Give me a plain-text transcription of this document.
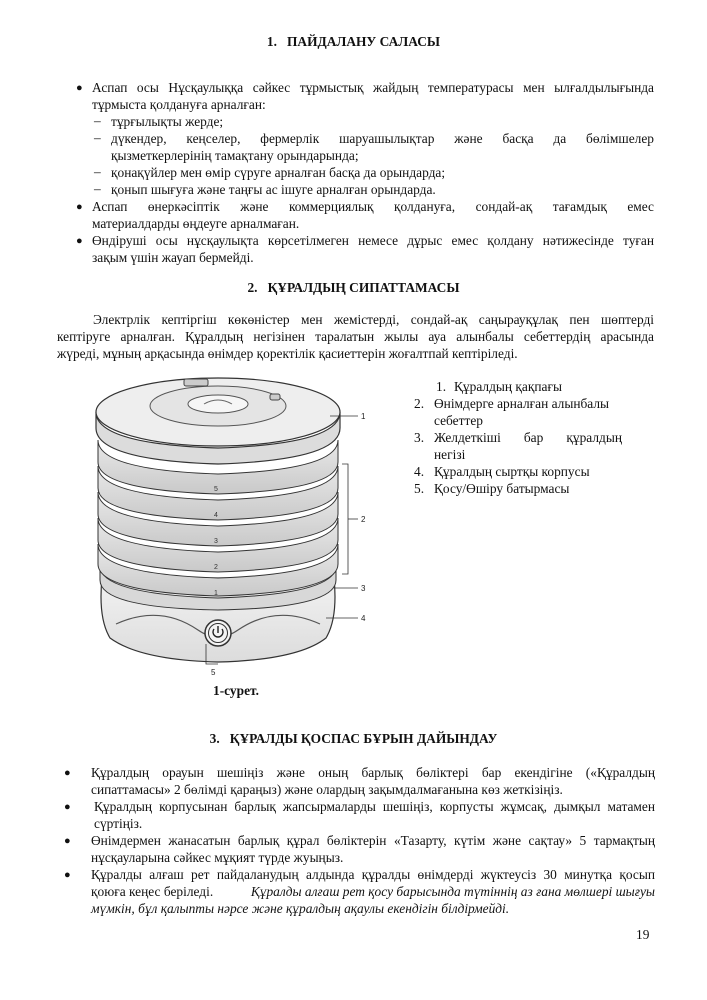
1. ПАЙДАЛАНУ САЛАСЫ
● Аспап осы Нұсқаулыққа сәйкес тұрмыстық жайдың температурасы мен ылғалдылығында
тұрмыста қолдануға арналған:
– тұрғылықты жерде;
– дүкендер, кеңселер, фермерлік шаруашылықтар және басқа да бөлімшелер
қызметкерлерінің тамақтану орындарында;
– қонақүйлер мен өмір сүруге арналған басқа да орындарда;
– қонып шығуға және таңғы ас ішуге арналған орындарда.
● Аспап өнеркәсіптік және коммерциялық қолдануға, сондай-ақ тағамдық емес
материалдарды өңдеуге арналмаған.
● Өндіруші осы нұсқаулықта көрсетілмеген немесе дұрыс емес қолдану нәтижесінде туған
зақым үшін жауап бермейді.
2. ҚҰРАЛДЫҢ СИПАТТАМАСЫ
Электрлік кептіргіш көкөністер мен жемістерді, сондай-ақ саңырауқұлақ пен шөптерді
кептіруге арналған. Құралдың негізінен таралатын жылы ауа алынбалы себеттердің арасында
жүреді, мұның арқасында өнімдер қоректілік қасиеттерін жоғалтпай кептіріледі.
5
4
3
2
1
1
2
3
4
5
1-сурет.
1. Құралдың қақпағы
2. Өнімдерге арналған алынбалы
себеттер
3. Желдеткіші бар құралдың
негізі
4. Құралдың сыртқы корпусы
5. Қосу/Өшіру батырмасы
3. ҚҰРАЛДЫ ҚОСПАС БҰРЫН ДАЙЫНДАУ
● Құралдың орауын шешіңіз және оның барлық бөліктері бар екендігіне («Құралдың
сипаттамасы» 2 бөлімді қараңыз) және олардың зақымдалмағанына көз жеткізіңіз.
● Құралдың корпусынан барлық жапсырмаларды шешіңіз, корпусты жұмсақ, дымқыл матамен
сүртіңіз.
● Өнімдермен жанасатын барлық құрал бөліктерін «Тазарту, күтім және сақтау» 5 тармақтың
нұсқауларына сәйкес мұқият түрде жуыңыз.
● Құралды алғаш рет пайдаланудың алдында құралды өнімдерді жүктеусіз 30 минутқа қосып
қоюға кеңес беріледі.	Құралды алғаш рет қосу барысында түтіннің аз ғана мөлшері шығуы
мүмкін, бұл қалыпты нәрсе және құралдың ақаулы екендігін білдірмейді.
19
